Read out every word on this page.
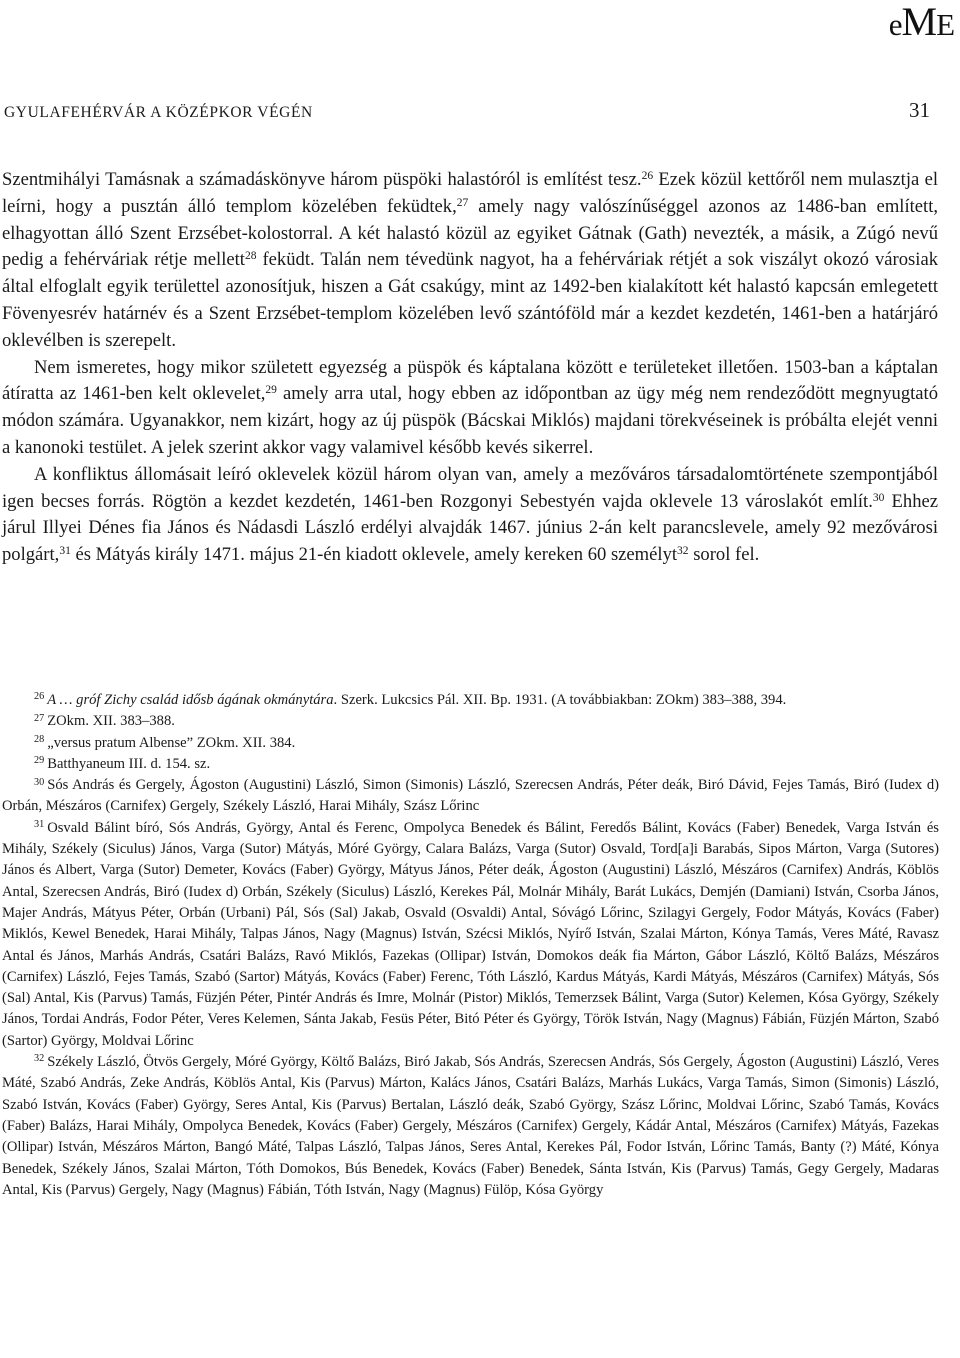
eME
GYULAFEHÉRVÁR A KÖZÉPKOR VÉGÉN	31

Szentmihályi Tamásnak a számadáskönyve három püspöki halastóról is említést tesz.$^{26}$ Ezek közül kettőről nem mulasztja el leírni, hogy a pusztán álló templom közelében feküdtek,$^{27}$ amely nagy valószínűséggel azonos az 1486-ban említett, elhagyottan álló Szent Erzsébet-kolostorral. A két halastó közül az egyiket Gátnak (Gath) nevezték, a másik, a Zúgó nevű pedig a fehérváriak rétje mellett$^{28}$ feküdt. Talán nem tévedünk nagyot, ha a fehérváriak rétjét a sok viszályt okozó városiak által elfoglalt egyik területtel azonosítjuk, hiszen a Gát csakúgy, mint az 1492-ben kialakított két halastó kapcsán emlegetett Fövenyesrév határnév és a Szent Erzsébet-templom közelében levő szántóföld már a kezdet kezdetén, 1461-ben a határjáró oklevélben is szerepelt.

Nem ismeretes, hogy mikor született egyezség a püspök és káptalana között e területeket illetően. 1503-ban a káptalan átíratta az 1461-ben kelt oklevelet,$^{29}$ amely arra utal, hogy ebben az időpontban az ügy még nem rendeződött megnyugtató módon számára. Ugyanakkor, nem kizárt, hogy az új püspök (Bácskai Miklós) majdani törekvéseinek is próbálta elejét venni a kanonoki testület. A jelek szerint akkor vagy valamivel később kevés sikerrel.

A konfliktus állomásait leíró oklevelek közül három olyan van, amely a mezőváros társadalomtörténete szempontjából igen becses forrás. Rögtön a kezdet kezdetén, 1461-ben Rozgonyi Sebestyén vajda oklevele 13 városlakót említ.$^{30}$ Ehhez járul Illyei Dénes fia János és Nádasdi László erdélyi alvajdák 1467. június 2-án kelt parancslevele, amely 92 mezővárosi polgárt,$^{31}$ és Mátyás király 1471. május 21-én kiadott oklevele, amely kereken 60 személyt$^{32}$ sorol fel.

$^{26}$ A … gróf Zichy család idősb ágának okmánytára. Szerk. Lukcsics Pál. XII. Bp. 1931. (A továbbiakban: ZOkm) 383–388, 394.

$^{27}$ ZOkm. XII. 383–388.

$^{28}$ „versus pratum Albense” ZOkm. XII. 384.

$^{29}$ Batthyaneum III. d. 154. sz.

$^{30}$ Sós András és Gergely, Ágoston (Augustini) László, Simon (Simonis) László, Szerecsen András, Péter deák, Biró Dávid, Fejes Tamás, Biró (Iudex d) Orbán, Mészáros (Carnifex) Gergely, Székely László, Harai Mihály, Szász Lőrinc

$^{31}$ Osvald Bálint bíró, Sós András, György, Antal és Ferenc, Ompolyca Benedek és Bálint, Feredős Bálint, Kovács (Faber) Benedek, Varga István és Mihály, Székely (Siculus) János, Varga (Sutor) Mátyás, Móré György, Calara Balázs, Varga (Sutor) Osvald, Tord[a]i Barabás, Sipos Márton, Varga (Sutores) János és Albert, Varga (Sutor) Demeter, Kovács (Faber) György, Mátyus János, Péter deák, Ágoston (Augustini) László, Mészáros (Carnifex) András, Köblös Antal, Szerecsen András, Biró (Iudex d) Orbán, Székely (Siculus) László, Kerekes Pál, Molnár Mihály, Barát Lukács, Demjén (Damiani) István, Csorba János, Majer András, Mátyus Péter, Orbán (Urbani) Pál, Sós (Sal) Jakab, Osvald (Osvaldi) Antal, Sóvágó Lőrinc, Szilagyi Gergely, Fodor Mátyás, Kovács (Faber) Miklós, Kewel Benedek, Harai Mihály, Talpas János, Nagy (Magnus) István, Szécsi Miklós, Nyírő István, Szalai Márton, Kónya Tamás, Veres Máté, Ravasz Antal és János, Marhás András, Csatári Balázs, Ravó Miklós, Fazekas (Ollipar) István, Domokos deák fia Márton, Gábor László, Költő Balázs, Mészáros (Carnifex) László, Fejes Tamás, Szabó (Sartor) Mátyás, Kovács (Faber) Ferenc, Tóth László, Kardus Mátyás, Kardi Mátyás, Mészáros (Carnifex) Mátyás, Sós (Sal) Antal, Kis (Parvus) Tamás, Füzjén Péter, Pintér András és Imre, Molnár (Pistor) Miklós, Temerzsek Bálint, Varga (Sutor) Kelemen, Kósa György, Székely János, Tordai András, Fodor Péter, Veres Kelemen, Sánta Jakab, Fesüs Péter, Bitó Péter és György, Török István, Nagy (Magnus) Fábián, Füzjén Márton, Szabó (Sartor) György, Moldvai Lőrinc

$^{32}$ Székely László, Ötvös Gergely, Móré György, Költő Balázs, Biró Jakab, Sós András, Szerecsen András, Sós Gergely, Ágoston (Augustini) László, Veres Máté, Szabó András, Zeke András, Köblös Antal, Kis (Parvus) Márton, Kalács János, Csatári Balázs, Marhás Lukács, Varga Tamás, Simon (Simonis) László, Szabó István, Kovács (Faber) György, Seres Antal, Kis (Parvus) Bertalan, László deák, Szabó György, Szász Lőrinc, Moldvai Lőrinc, Szabó Tamás, Kovács (Faber) Balázs, Harai Mihály, Ompolyca Benedek, Kovács (Faber) Gergely, Mészáros (Carnifex) Gergely, Kádár Antal, Mészáros (Carnifex) Mátyás, Fazekas (Ollipar) István, Mészáros Márton, Bangó Máté, Talpas László, Talpas János, Seres Antal, Kerekes Pál, Fodor István, Lőrinc Tamás, Banty (?) Máté, Kónya Benedek, Székely János, Szalai Márton, Tóth Domokos, Bús Benedek, Kovács (Faber) Benedek, Sánta István, Kis (Parvus) Tamás, Gegy Gergely, Madaras Antal, Kis (Parvus) Gergely, Nagy (Magnus) Fábián, Tóth István, Nagy (Magnus) Fülöp, Kósa György
